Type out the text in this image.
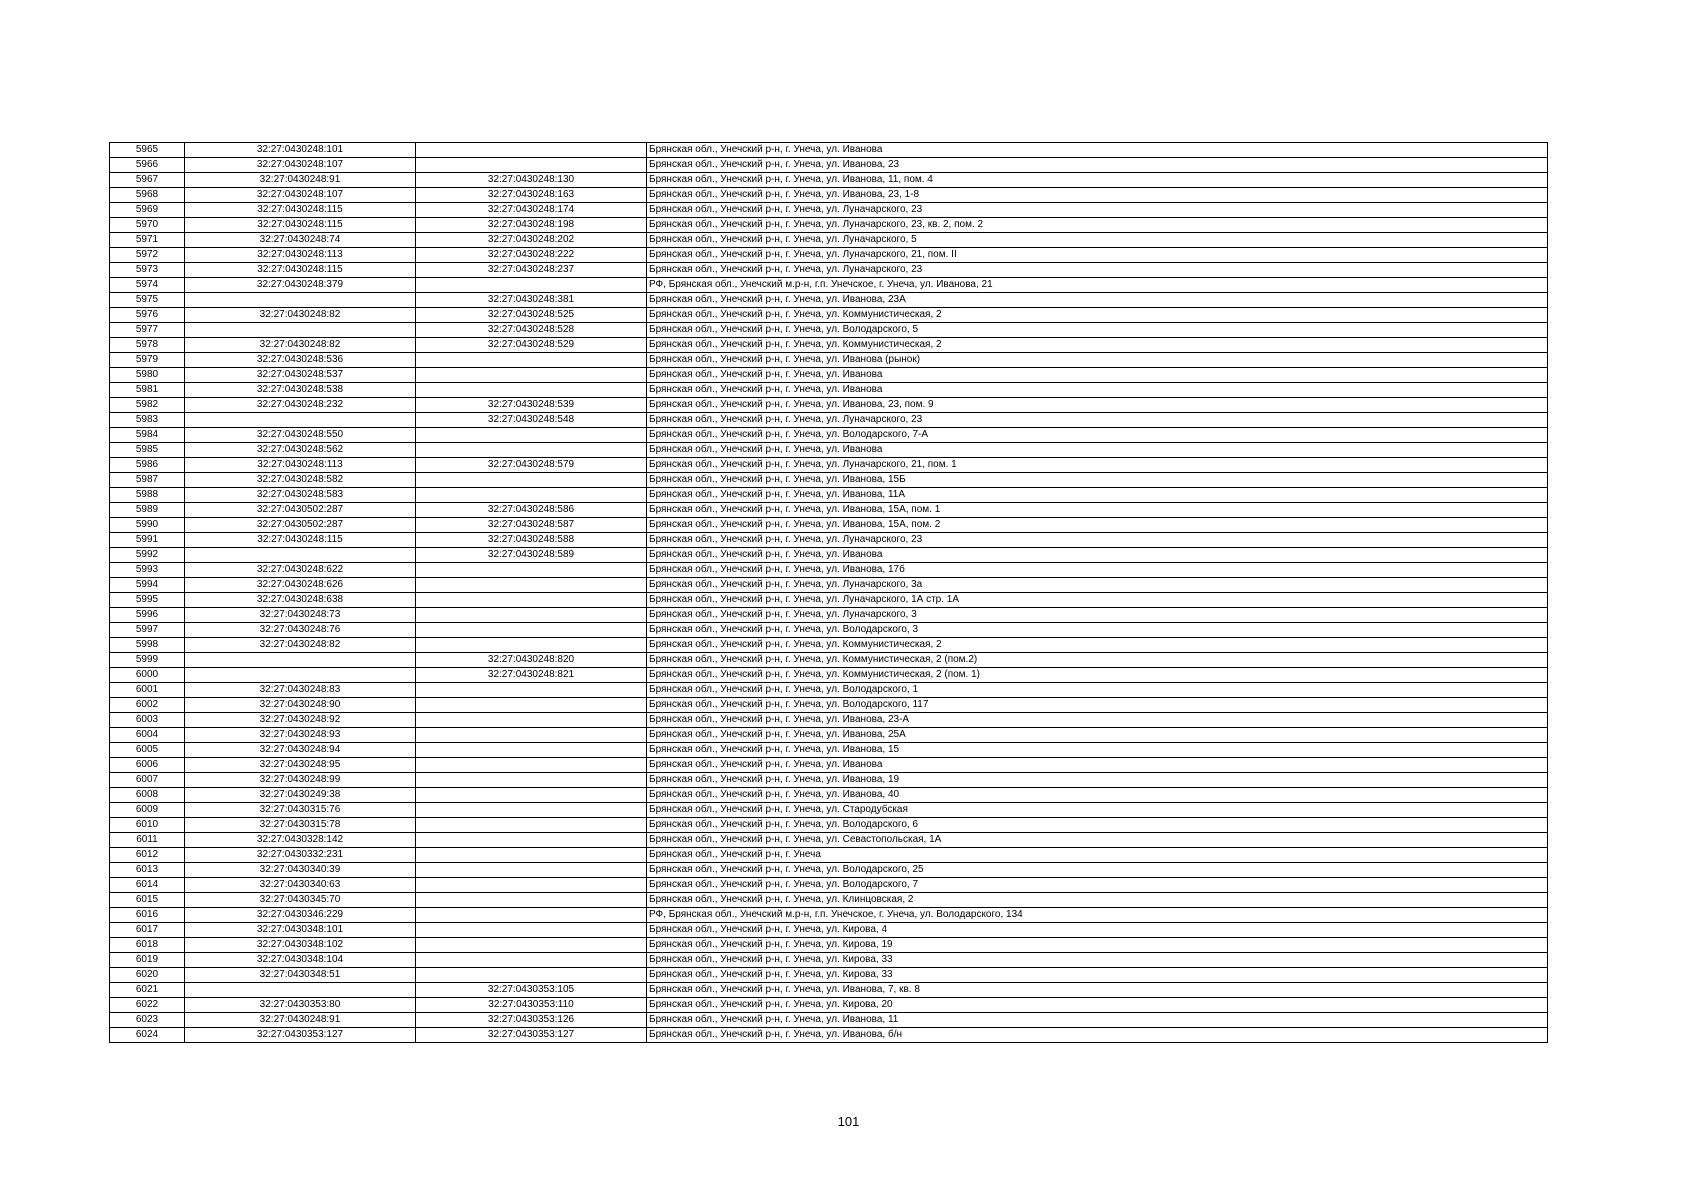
5965	32:27:0430248:101		Брянская обл., Унечский р-н, г. Унеча, ул. Иванова
5966	32:27:0430248:107		Брянская обл., Унечский р-н, г. Унеча, ул. Иванова, 23
5967	32:27:0430248:91	32:27:0430248:130	Брянская обл., Унечский р-н, г. Унеча, ул. Иванова, 11, пом. 4
5968	32:27:0430248:107	32:27:0430248:163	Брянская обл., Унечский р-н, г. Унеча, ул. Иванова, 23, 1-8
5969	32:27:0430248:115	32:27:0430248:174	Брянская обл., Унечский р-н, г. Унеча, ул. Луначарского, 23
5970	32:27:0430248:115	32:27:0430248:198	Брянская обл., Унечский р-н, г. Унеча, ул. Луначарского, 23, кв. 2, пом. 2
5971	32:27:0430248:74	32:27:0430248:202	Брянская обл., Унечский р-н, г. Унеча, ул. Луначарского, 5
5972	32:27:0430248:113	32:27:0430248:222	Брянская обл., Унечский р-н, г. Унеча, ул. Луначарского, 21, пом. II
5973	32:27:0430248:115	32:27:0430248:237	Брянская обл., Унечский р-н, г. Унеча, ул. Луначарского, 23
5974	32:27:0430248:379		РФ, Брянская обл., Унечский м.р-н, г.п. Унечское, г. Унеча, ул. Иванова, 21
5975		32:27:0430248:381	Брянская обл., Унечский р-н, г. Унеча, ул. Иванова, 23А
5976	32:27:0430248:82	32:27:0430248:525	Брянская обл., Унечский р-н, г. Унеча, ул. Коммунистическая, 2
5977		32:27:0430248:528	Брянская обл., Унечский р-н, г. Унеча, ул. Володарского, 5
5978	32:27:0430248:82	32:27:0430248:529	Брянская обл., Унечский р-н, г. Унеча, ул. Коммунистическая, 2
5979	32:27:0430248:536		Брянская обл., Унечский р-н, г. Унеча, ул. Иванова (рынок)
5980	32:27:0430248:537		Брянская обл., Унечский р-н, г. Унеча, ул. Иванова
5981	32:27:0430248:538		Брянская обл., Унечский р-н, г. Унеча, ул. Иванова
5982	32:27:0430248:232	32:27:0430248:539	Брянская обл., Унечский р-н, г. Унеча, ул. Иванова, 23, пом. 9
5983		32:27:0430248:548	Брянская обл., Унечский р-н, г. Унеча, ул. Луначарского, 23
5984	32:27:0430248:550		Брянская обл., Унечский р-н, г. Унеча, ул. Володарского, 7-А
5985	32:27:0430248:562		Брянская обл., Унечский р-н, г. Унеча, ул. Иванова
5986	32:27:0430248:113	32:27:0430248:579	Брянская обл., Унечский р-н, г. Унеча, ул. Луначарского, 21, пом. 1
5987	32:27:0430248:582		Брянская обл., Унечский р-н, г. Унеча, ул. Иванова, 15Б
5988	32:27:0430248:583		Брянская обл., Унечский р-н, г. Унеча, ул. Иванова, 11А
5989	32:27:0430502:287	32:27:0430248:586	Брянская обл., Унечский р-н, г. Унеча, ул. Иванова, 15А, пом. 1
5990	32:27:0430502:287	32:27:0430248:587	Брянская обл., Унечский р-н, г. Унеча, ул. Иванова, 15А, пом. 2
5991	32:27:0430248:115	32:27:0430248:588	Брянская обл., Унечский р-н, г. Унеча, ул. Луначарского, 23
5992		32:27:0430248:589	Брянская обл., Унечский р-н, г. Унеча, ул. Иванова
5993	32:27:0430248:622		Брянская обл., Унечский р-н, г. Унеча, ул. Иванова, 17б
5994	32:27:0430248:626		Брянская обл., Унечский р-н, г. Унеча, ул. Луначарского, 3а
5995	32:27:0430248:638		Брянская обл., Унечский р-н, г. Унеча, ул. Луначарского, 1А стр. 1А
5996	32:27:0430248:73		Брянская обл., Унечский р-н, г. Унеча, ул. Луначарского, 3
5997	32:27:0430248:76		Брянская обл., Унечский р-н, г. Унеча, ул. Володарского, 3
5998	32:27:0430248:82		Брянская обл., Унечский р-н, г. Унеча, ул. Коммунистическая, 2
5999		32:27:0430248:820	Брянская обл., Унечский р-н, г. Унеча, ул. Коммунистическая, 2 (пом.2)
6000		32:27:0430248:821	Брянская обл., Унечский р-н, г. Унеча, ул. Коммунистическая, 2 (пом. 1)
6001	32:27:0430248:83		Брянская обл., Унечский р-н, г. Унеча, ул. Володарского, 1
6002	32:27:0430248:90		Брянская обл., Унечский р-н, г. Унеча, ул. Володарского, 117
6003	32:27:0430248:92		Брянская обл., Унечский р-н, г. Унеча, ул. Иванова, 23-А
6004	32:27:0430248:93		Брянская обл., Унечский р-н, г. Унеча, ул. Иванова, 25А
6005	32:27:0430248:94		Брянская обл., Унечский р-н, г. Унеча, ул. Иванова, 15
6006	32:27:0430248:95		Брянская обл., Унечский р-н, г. Унеча, ул. Иванова
6007	32:27:0430248:99		Брянская обл., Унечский р-н, г. Унеча, ул. Иванова, 19
6008	32:27:0430249:38		Брянская обл., Унечский р-н, г. Унеча, ул. Иванова, 40
6009	32:27:0430315:76		Брянская обл., Унечский р-н, г. Унеча, ул. Стародубская
6010	32:27:0430315:78		Брянская обл., Унечский р-н, г. Унеча, ул. Володарского, 6
6011	32:27:0430328:142		Брянская обл., Унечский р-н, г. Унеча, ул. Севастопольская, 1А
6012	32:27:0430332:231		Брянская обл., Унечский р-н, г. Унеча
6013	32:27:0430340:39		Брянская обл., Унечский р-н, г. Унеча, ул. Володарского, 25
6014	32:27:0430340:63		Брянская обл., Унечский р-н, г. Унеча, ул. Володарского, 7
6015	32:27:0430345:70		Брянская обл., Унечский р-н, г. Унеча, ул. Клинцовская, 2
6016	32:27:0430346:229		РФ, Брянская обл., Унечский м.р-н, г.п. Унечское, г. Унеча, ул. Володарского, 134
6017	32:27:0430348:101		Брянская обл., Унечский р-н, г. Унеча, ул. Кирова, 4
6018	32:27:0430348:102		Брянская обл., Унечский р-н, г. Унеча, ул. Кирова, 19
6019	32:27:0430348:104		Брянская обл., Унечский р-н, г. Унеча, ул. Кирова, 33
6020	32:27:0430348:51		Брянская обл., Унечский р-н, г. Унеча, ул. Кирова, 33
6021		32:27:0430353:105	Брянская обл., Унечский р-н, г. Унеча, ул. Иванова, 7, кв. 8
6022	32:27:0430353:80	32:27:0430353:110	Брянская обл., Унечский р-н, г. Унеча, ул. Кирова, 20
6023	32:27:0430248:91	32:27:0430353:126	Брянская обл., Унечский р-н, г. Унеча, ул. Иванова, 11
6024	32:27:0430353:127	32:27:0430353:127	Брянская обл., Унечский р-н, г. Унеча, ул. Иванова, б/н
101
